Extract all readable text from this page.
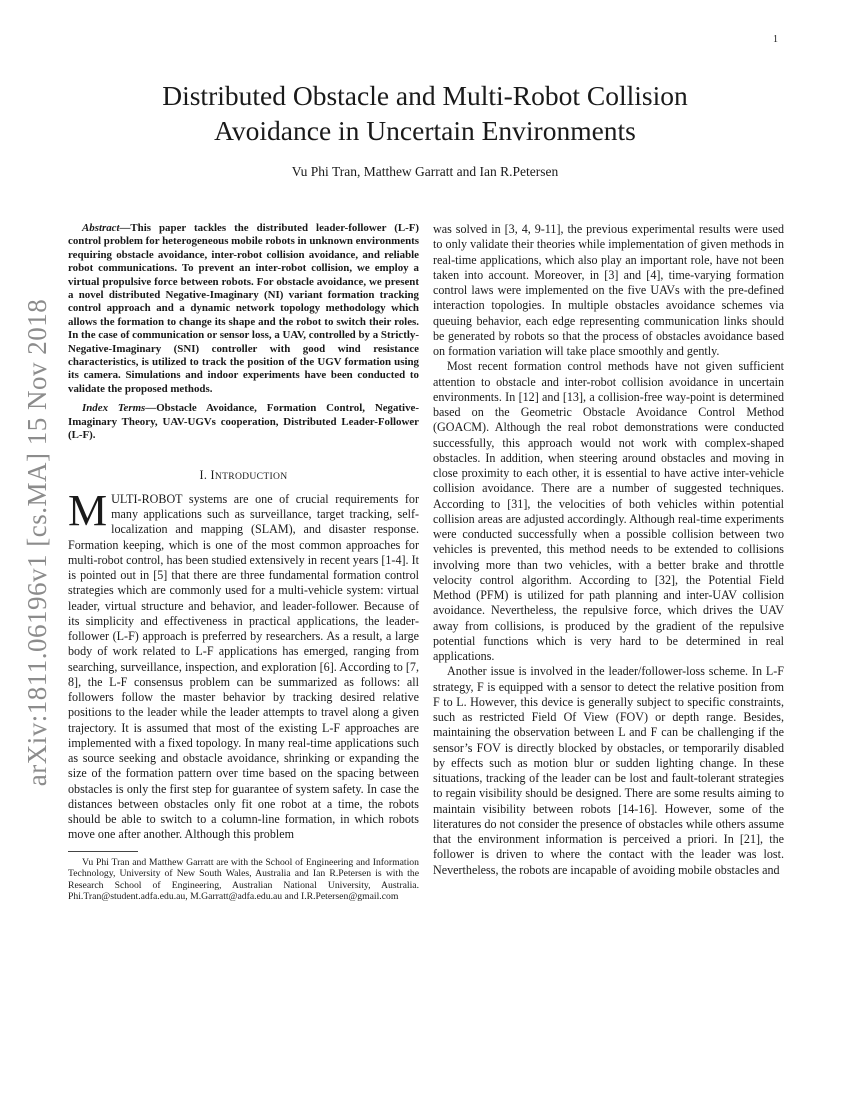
1
arXiv:1811.06196v1 [cs.MA] 15 Nov 2018
Distributed Obstacle and Multi-Robot Collision
Avoidance in Uncertain Environments
Vu Phi Tran, Matthew Garratt and Ian R.Petersen

Abstract—This paper tackles the distributed leader-follower (L-F) control problem for heterogeneous mobile robots in unknown environments requiring obstacle avoidance, inter-robot collision avoidance, and reliable robot communications. To prevent an inter-robot collision, we employ a virtual propulsive force between robots. For obstacle avoidance, we present a novel distributed Negative-Imaginary (NI) variant formation tracking control approach and a dynamic network topology methodology which allows the formation to change its shape and the robot to switch their roles. In the case of communication or sensor loss, a UAV, controlled by a Strictly-Negative-Imaginary (SNI) controller with good wind resistance characteristics, is utilized to track the position of the UGV formation using its camera. Simulations and indoor experiments have been conducted to validate the proposed methods.

Index Terms—Obstacle Avoidance, Formation Control, Negative-Imaginary Theory, UAV-UGVs cooperation, Distributed Leader-Follower (L-F).

I. INTRODUCTION

MULTI-ROBOT systems are one of crucial requirements for many applications such as surveillance, target tracking, self-localization and mapping (SLAM), and disaster response. Formation keeping, which is one of the most common approaches for multi-robot control, has been studied extensively in recent years [1-4]. It is pointed out in [5] that there are three fundamental formation control strategies which are commonly used for a multi-vehicle system: virtual leader, virtual structure and behavior, and leader-follower. Because of its simplicity and effectiveness in practical applications, the leader-follower (L-F) approach is preferred by researchers. As a result, a large body of work related to L-F applications has emerged, ranging from searching, surveillance, inspection, and exploration [6]. According to [7, 8], the L-F consensus problem can be summarized as follows: all followers follow the master behavior by tracking desired relative positions to the leader while the leader attempts to travel along a given trajectory. It is assumed that most of the existing L-F approaches are implemented with a fixed topology. In many real-time applications such as source seeking and obstacle avoidance, shrinking or expanding the size of the formation pattern over time based on the spacing between obstacles is only the first step for guarantee of system safety. In case the distances between obstacles only fit one robot at a time, the robots should be able to switch to a column-line formation, in which robots move one after another. Although this problem

Vu Phi Tran and Matthew Garratt are with the School of Engineering and Information Technology, University of New South Wales, Australia and Ian R.Petersen is with the Research School of Engineering, Australian National University, Australia. Phi.Tran@student.adfa.edu.au, M.Garratt@adfa.edu.au and I.R.Petersen@gmail.com

was solved in [3, 4, 9-11], the previous experimental results were used to only validate their theories while implementation of given methods in real-time applications, which also play an important role, have not been taken into account. Moreover, in [3] and [4], time-varying formation control laws were implemented on the five UAVs with the pre-defined interaction topologies. In multiple obstacles avoidance schemes via queuing behavior, each edge representing communication links should be generated by robots so that the process of obstacles avoidance based on formation variation will take place smoothly and gently.

Most recent formation control methods have not given sufficient attention to obstacle and inter-robot collision avoidance in uncertain environments. In [12] and [13], a collision-free way-point is determined based on the Geometric Obstacle Avoidance Control Method (GOACM). Although the real robot demonstrations were conducted successfully, this approach would not work with complex-shaped obstacles. In addition, when steering around obstacles and moving in close proximity to each other, it is essential to have active inter-vehicle collision avoidance. There are a number of suggested techniques. According to [31], the velocities of both vehicles within potential collision areas are adjusted accordingly. Although real-time experiments were conducted successfully when a possible collision between two vehicles is prevented, this method needs to be extended to collisions involving more than two vehicles, with a better brake and throttle velocity control algorithm. According to [32], the Potential Field Method (PFM) is utilized for path planning and inter-UAV collision avoidance. Nevertheless, the repulsive force, which drives the UAV away from collisions, is produced by the gradient of the repulsive potential functions which is very hard to be determined in real applications.

Another issue is involved in the leader/follower-loss scheme. In L-F strategy, F is equipped with a sensor to detect the relative position from F to L. However, this device is generally subject to specific constraints, such as restricted Field Of View (FOV) or depth range. Besides, maintaining the observation between L and F can be challenging if the sensor’s FOV is directly blocked by obstacles, or temporarily disabled by effects such as motion blur or sudden lighting change. In these situations, tracking of the leader can be lost and fault-tolerant strategies to regain visibility should be designed. There are some results aiming to maintain visibility between robots [14-16]. However, some of the literatures do not consider the presence of obstacles while others assume that the environment information is perceived a priori. In [21], the follower is driven to where the contact with the leader was lost. Nevertheless, the robots are incapable of avoiding mobile obstacles and
